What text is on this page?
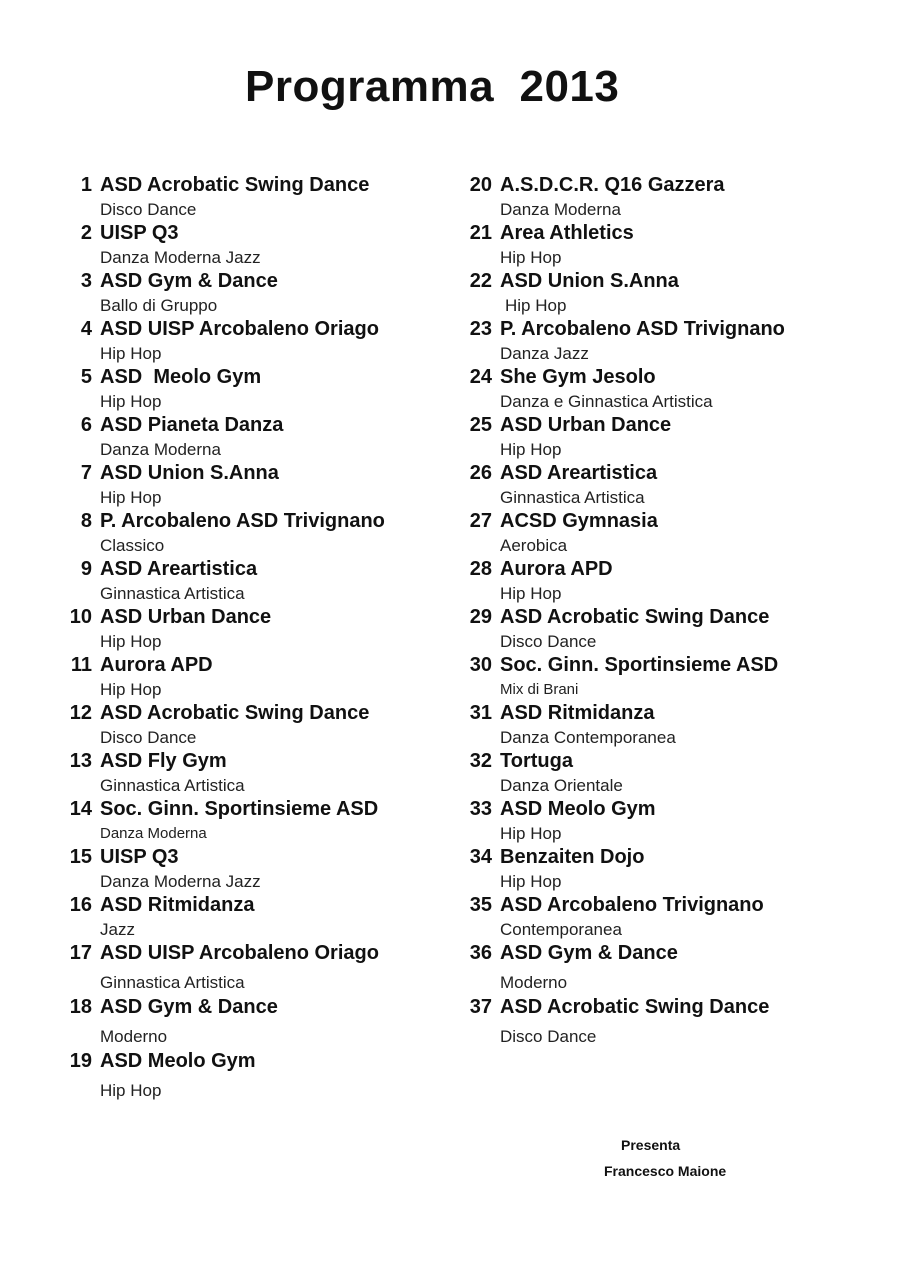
Programma  2013
1 ASD Acrobatic Swing Dance
Disco Dance
2 UISP Q3
Danza Moderna Jazz
3 ASD Gym & Dance
Ballo di Gruppo
4 ASD UISP Arcobaleno Oriago
Hip Hop
5 ASD  Meolo Gym
Hip Hop
6 ASD Pianeta Danza
Danza Moderna
7 ASD Union S.Anna
Hip Hop
8 P. Arcobaleno ASD Trivignano
Classico
9 ASD Areartistica
Ginnastica Artistica
10 ASD Urban Dance
Hip Hop
11 Aurora APD
Hip Hop
12 ASD Acrobatic Swing Dance
Disco Dance
13 ASD Fly Gym
Ginnastica Artistica
14 Soc. Ginn. Sportinsieme ASD
Danza Moderna
15 UISP Q3
Danza Moderna Jazz
16 ASD Ritmidanza
Jazz
17 ASD UISP Arcobaleno Oriago
Ginnastica Artistica
18 ASD Gym & Dance
Moderno
19 ASD Meolo Gym
Hip Hop
20 A.S.D.C.R. Q16 Gazzera
Danza Moderna
21 Area Athletics
Hip Hop
22 ASD Union S.Anna
Hip Hop
23 P. Arcobaleno ASD Trivignano
Danza Jazz
24 She Gym Jesolo
Danza e Ginnastica Artistica
25 ASD Urban Dance
Hip Hop
26 ASD Areartistica
Ginnastica Artistica
27 ACSD Gymnasia
Aerobica
28 Aurora APD
Hip Hop
29 ASD Acrobatic Swing Dance
Disco Dance
30 Soc. Ginn. Sportinsieme ASD
Mix di Brani
31 ASD Ritmidanza
Danza Contemporanea
32 Tortuga
Danza Orientale
33 ASD Meolo Gym
Hip Hop
34 Benzaiten Dojo
Hip Hop
35 ASD Arcobaleno Trivignano
Contemporanea
36 ASD Gym & Dance
Moderno
37 ASD Acrobatic Swing Dance
Disco Dance
Presenta
Francesco Maione
